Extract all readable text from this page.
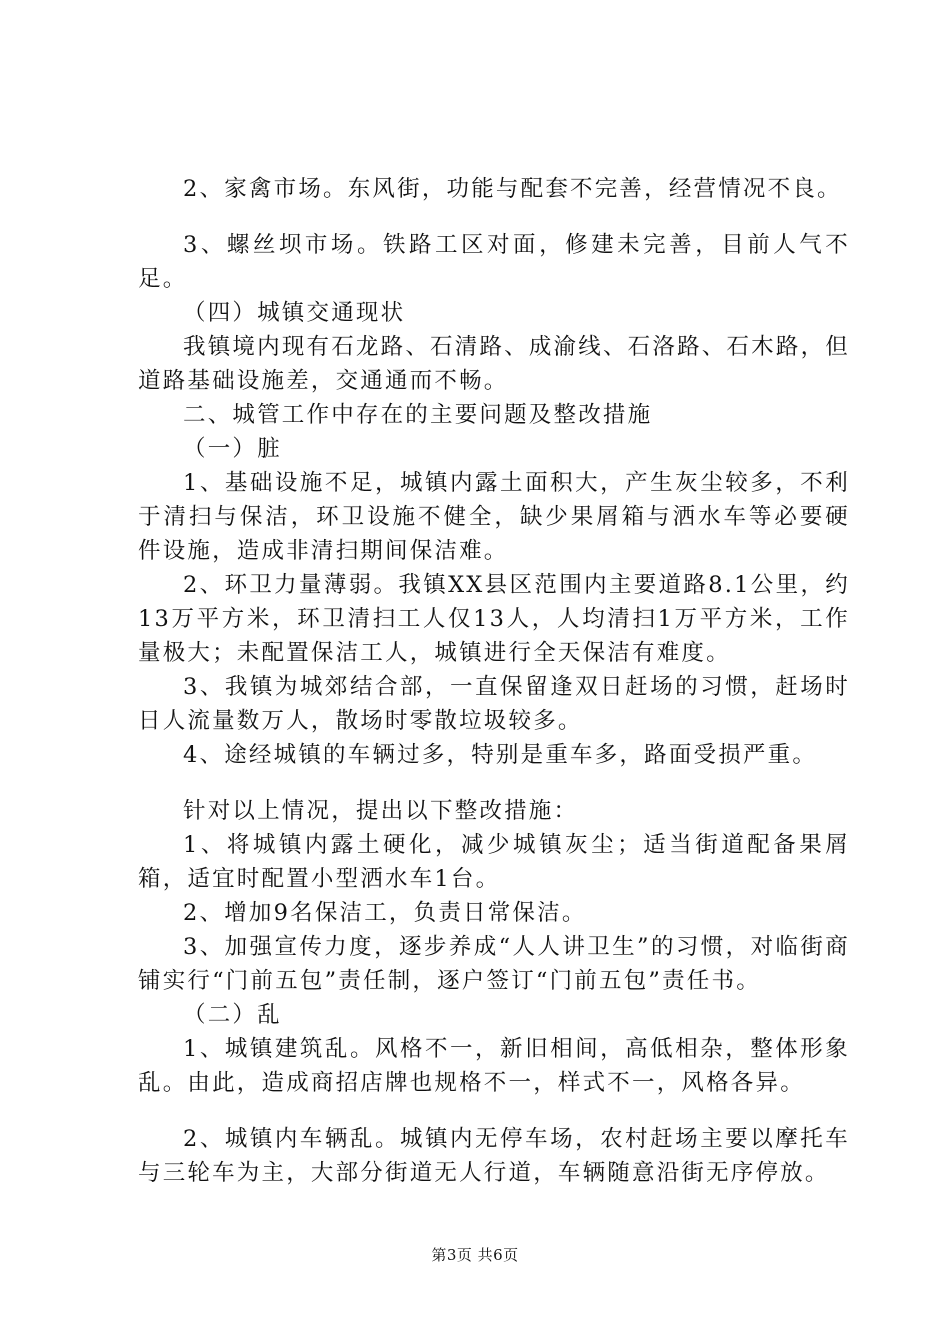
2、家禽市场。东风街，功能与配套不完善，经营情况不良。

3、螺丝坝市场。铁路工区对面，修建未完善，目前人气不足。

（四）城镇交通现状

我镇境内现有石龙路、石清路、成渝线、石洛路、石木路，但道路基础设施差，交通通而不畅。

二、城管工作中存在的主要问题及整改措施

（一）脏

1、基础设施不足，城镇内露土面积大，产生灰尘较多，不利于清扫与保洁，环卫设施不健全，缺少果屑箱与洒水车等必要硬件设施，造成非清扫期间保洁难。

2、环卫力量薄弱。我镇XX县区范围内主要道路8.1公里，约13万平方米，环卫清扫工人仅13人，人均清扫1万平方米，工作量极大；未配置保洁工人，城镇进行全天保洁有难度。

3、我镇为城郊结合部，一直保留逢双日赶场的习惯，赶场时日人流量数万人，散场时零散垃圾较多。

4、途经城镇的车辆过多，特别是重车多，路面受损严重。

针对以上情况，提出以下整改措施：

1、将城镇内露土硬化，减少城镇灰尘；适当街道配备果屑箱，适宜时配置小型洒水车1台。

2、增加9名保洁工，负责日常保洁。

3、加强宣传力度，逐步养成“人人讲卫生”的习惯，对临街商铺实行“门前五包”责任制，逐户签订“门前五包”责任书。

（二）乱

1、城镇建筑乱。风格不一，新旧相间，高低相杂，整体形象乱。由此，造成商招店牌也规格不一，样式不一，风格各异。

2、城镇内车辆乱。城镇内无停车场，农村赶场主要以摩托车与三轮车为主，大部分街道无人行道，车辆随意沿街无序停放。

第3页 共6页
